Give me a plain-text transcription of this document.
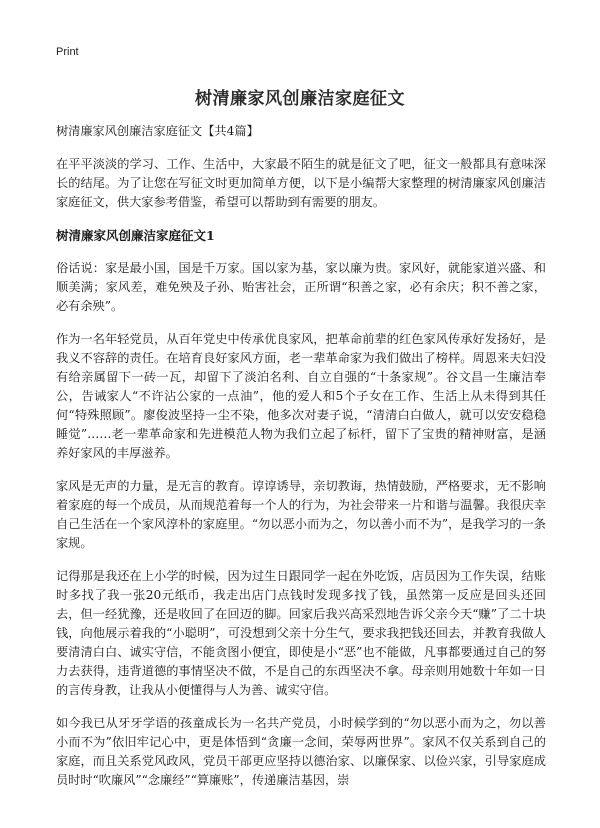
Print
树清廉家风创廉洁家庭征文

树清廉家风创廉洁家庭征文【共4篇】

在平平淡淡的学习、工作、生活中，大家最不陌生的就是征文了吧，征文一般都具有意味深长的结尾。为了让您在写征文时更加简单方便，以下是小编帮大家整理的树清廉家风创廉洁家庭征文，供大家参考借鉴，希望可以帮助到有需要的朋友。

树清廉家风创廉洁家庭征文1

俗话说：家是最小国，国是千万家。国以家为基，家以廉为贵。家风好，就能家道兴盛、和顺美满；家风差，难免殃及子孙、贻害社会，正所谓“积善之家，必有余庆；积不善之家，必有余殃”。

作为一名年轻党员，从百年党史中传承优良家风，把革命前辈的红色家风传承好发扬好，是我义不容辞的责任。在培育良好家风方面，老一辈革命家为我们做出了榜样。周恩来夫妇没有给亲属留下一砖一瓦，却留下了淡泊名利、自立自强的“十条家规”。谷文昌一生廉洁奉公，告诫家人“不许沾公家的一点油”，他的爱人和5个子女在工作、生活上从未得到其任何“特殊照顾”。廖俊波坚持一尘不染，他多次对妻子说，“清清白白做人，就可以安安稳稳睡觉”……老一辈革命家和先进模范人物为我们立起了标杆，留下了宝贵的精神财富，是涵养好家风的丰厚滋养。

家风是无声的力量，是无言的教育。谆谆诱导，亲切教诲，热情鼓励，严格要求，无不影响着家庭的每一个成员，从而规范着每一个人的行为，为社会带来一片和谐与温馨。我很庆幸自己生活在一个家风淳朴的家庭里。“勿以恶小而为之，勿以善小而不为”，是我学习的一条家规。

记得那是我还在上小学的时候，因为过生日跟同学一起在外吃饭，店员因为工作失误，结账时多找了我一张20元纸币，我走出店门点钱时发现多找了钱，虽然第一反应是回头还回去，但一经犹豫，还是收回了在回迈的脚。回家后我兴高采烈地告诉父亲今天“赚”了二十块钱，向他展示着我的“小聪明”，可没想到父亲十分生气，要求我把钱还回去，并教育我做人要清清白白、诚实守信，不能贪图小便宜，即使是小“恶”也不能做，凡事都要通过自己的努力去获得，违背道德的事情坚决不做，不是自己的东西坚决不拿。母亲则用她数十年如一日的言传身教，让我从小便懂得与人为善、诚实守信。

如今我已从牙牙学语的孩童成长为一名共产党员，小时候学到的“勿以恶小而为之，勿以善小而不为”依旧牢记心中，更是体悟到“贪廉一念间，荣辱两世界”。家风不仅关系到自己的家庭，而且关系党风政风，党员干部更应坚持以德治家、以廉保家、以俭兴家，引导家庭成员时时“吹廉风”“念廉经”“算廉账”，传递廉洁基因，崇
